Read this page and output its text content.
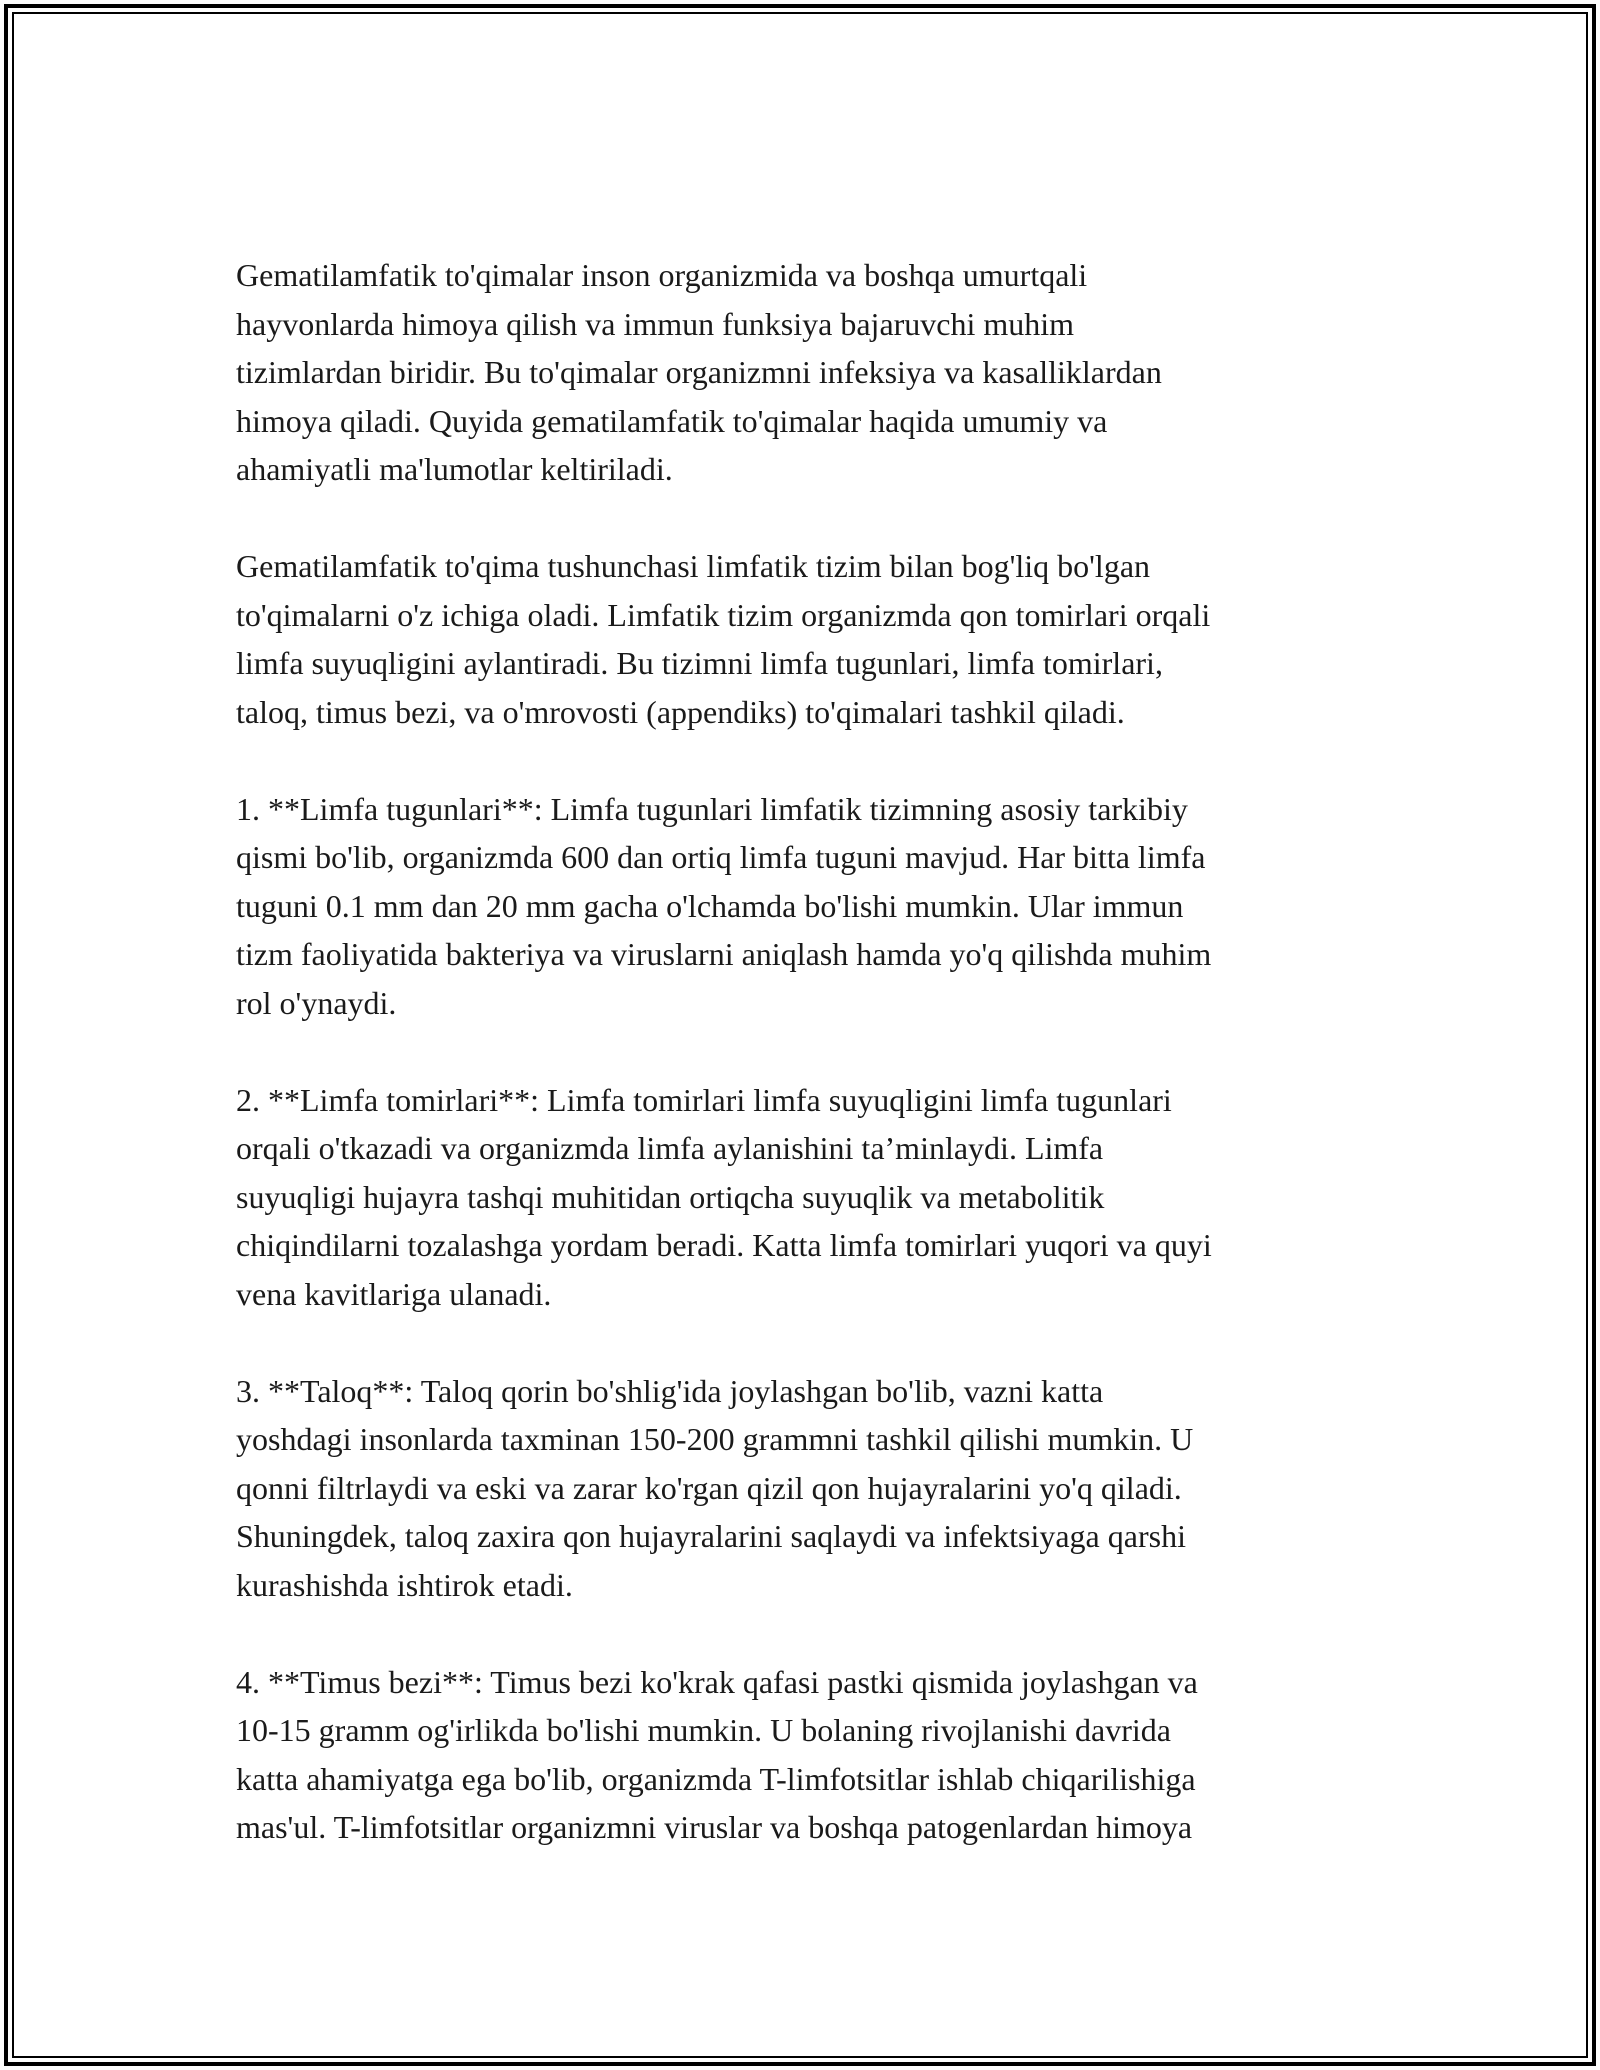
Gematilamfatik to'qimalar inson organizmida va boshqa umurtqali
hayvonlarda himoya qilish va immun funksiya bajaruvchi muhim
tizimlardan biridir. Bu to'qimalar organizmni infeksiya va kasalliklardan
himoya qiladi. Quyida gematilamfatik to'qimalar haqida umumiy va
ahamiyatli ma'lumotlar keltiriladi.

Gematilamfatik to'qima tushunchasi limfatik tizim bilan bog'liq bo'lgan
to'qimalarni o'z ichiga oladi. Limfatik tizim organizmda qon tomirlari orqali
limfa suyuqligini aylantiradi. Bu tizimni limfa tugunlari, limfa tomirlari,
taloq, timus bezi, va o'mrovosti (appendiks) to'qimalari tashkil qiladi.

1. **Limfa tugunlari**: Limfa tugunlari limfatik tizimning asosiy tarkibiy
qismi bo'lib, organizmda 600 dan ortiq limfa tuguni mavjud. Har bitta limfa
tuguni 0.1 mm dan 20 mm gacha o'lchamda bo'lishi mumkin. Ular immun
tizm faoliyatida bakteriya va viruslarni aniqlash hamda yo'q qilishda muhim
rol o'ynaydi.

2. **Limfa tomirlari**: Limfa tomirlari limfa suyuqligini limfa tugunlari
orqali o'tkazadi va organizmda limfa aylanishini ta’minlaydi. Limfa
suyuqligi hujayra tashqi muhitidan ortiqcha suyuqlik va metabolitik
chiqindilarni tozalashga yordam beradi. Katta limfa tomirlari yuqori va quyi
vena kavitlariga ulanadi.

3. **Taloq**: Taloq qorin bo'shlig'ida joylashgan bo'lib, vazni katta
yoshdagi insonlarda taxminan 150-200 grammni tashkil qilishi mumkin. U
qonni filtrlaydi va eski va zarar ko'rgan qizil qon hujayralarini yo'q qiladi.
Shuningdek, taloq zaxira qon hujayralarini saqlaydi va infektsiyaga qarshi
kurashishda ishtirok etadi.

4. **Timus bezi**: Timus bezi ko'krak qafasi pastki qismida joylashgan va
10-15 gramm og'irlikda bo'lishi mumkin. U bolaning rivojlanishi davrida
katta ahamiyatga ega bo'lib, organizmda T-limfotsitlar ishlab chiqarilishiga
mas'ul. T-limfotsitlar organizmni viruslar va boshqa patogenlardan himoya
